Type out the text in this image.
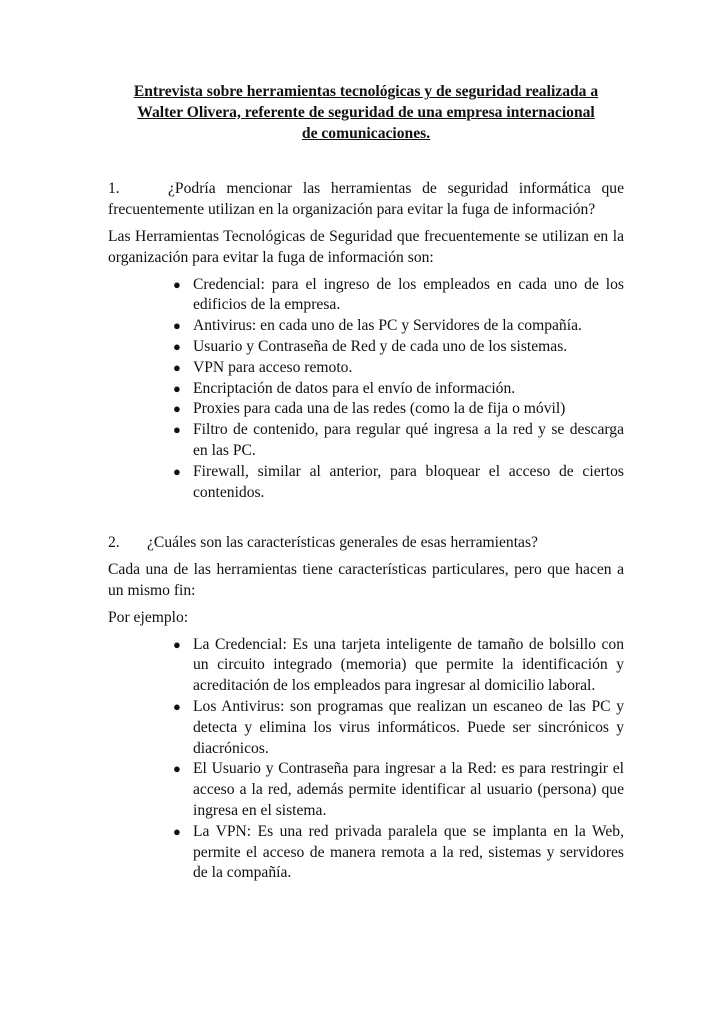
Entrevista sobre herramientas tecnológicas y de seguridad realizada a
Walter Olivera, referente de seguridad de una empresa internacional
de comunicaciones.
1.	¿Podría mencionar las herramientas de seguridad informática que frecuentemente utilizan en la organización para evitar la fuga de información?
Las Herramientas Tecnológicas de Seguridad que frecuentemente se utilizan en la organización para evitar la fuga de información son:
● Credencial: para el ingreso de los empleados en cada uno de los edificios de la empresa.
● Antivirus: en cada uno de las PC y Servidores de la compañía.
● Usuario y Contraseña de Red y de cada uno de los sistemas.
● VPN para acceso remoto.
● Encriptación de datos para el envío de información.
● Proxies para cada una de las redes (como la de fija o móvil)
● Filtro de contenido, para regular qué ingresa a la red y se descarga en las PC.
● Firewall, similar al anterior, para bloquear el acceso de ciertos contenidos.
2. ¿Cuáles son las características generales de esas herramientas?
Cada una de las herramientas tiene características particulares, pero que hacen a un mismo fin:
Por ejemplo:
● La Credencial: Es una tarjeta inteligente de tamaño de bolsillo con un circuito integrado (memoria) que permite la identificación y acreditación de los empleados para ingresar al domicilio laboral.
● Los Antivirus: son programas que realizan un escaneo de las PC y detecta y elimina los virus informáticos. Puede ser sincrónicos y diacrónicos.
● El Usuario y Contraseña para ingresar a la Red: es para restringir el acceso a la red, además permite identificar al usuario (persona) que ingresa en el sistema.
● La VPN: Es una red privada paralela que se implanta en la Web, permite el acceso de manera remota a la red, sistemas y servidores de la compañía.
